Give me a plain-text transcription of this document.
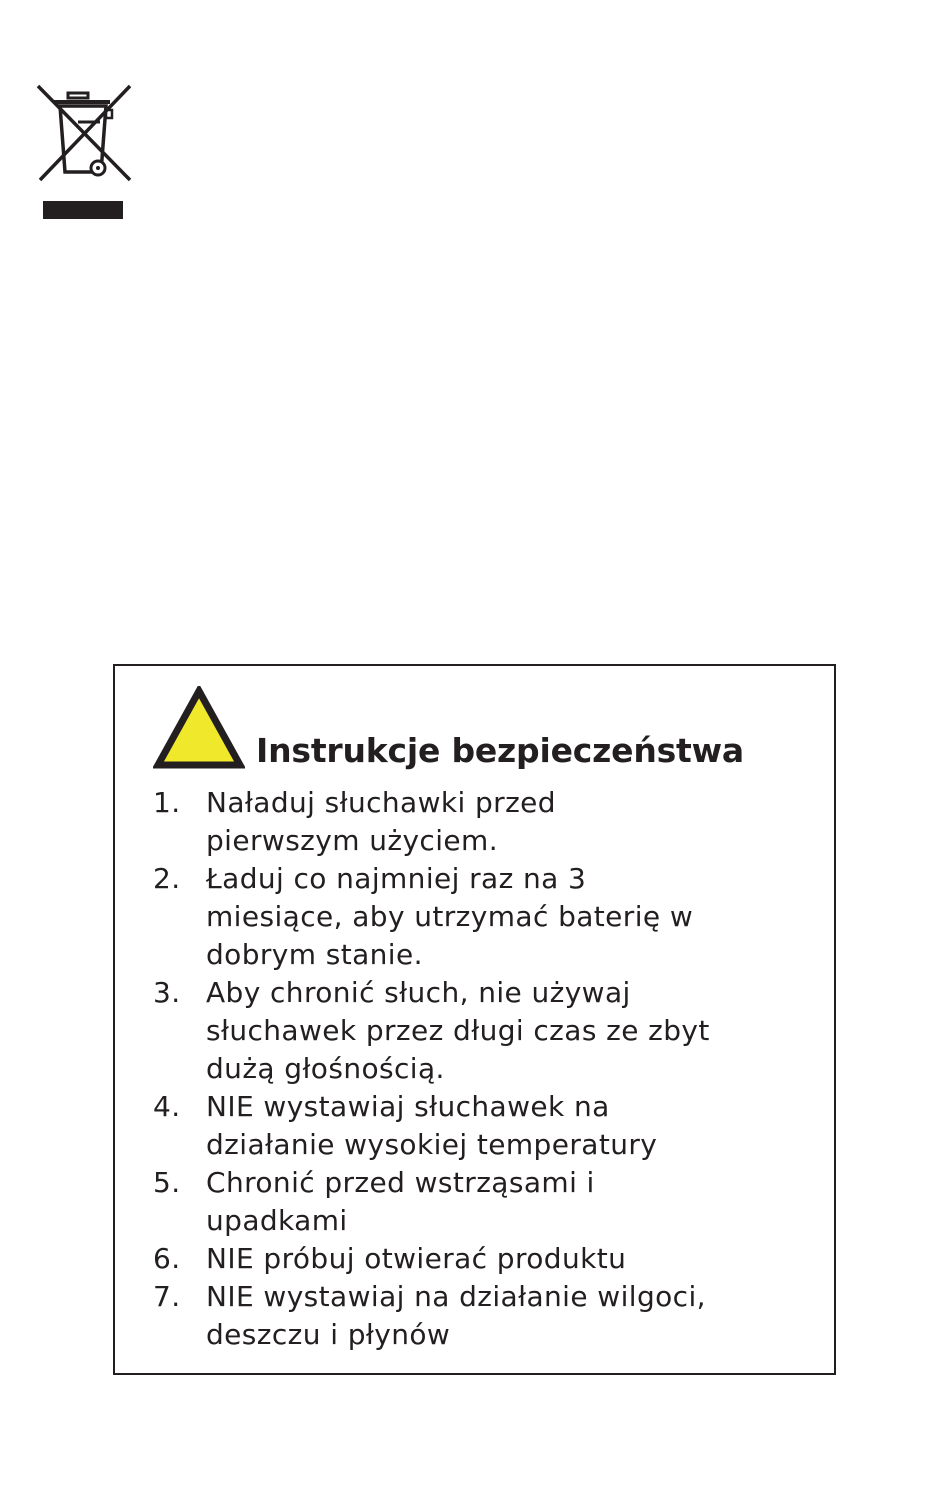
Instrukcje bezpieczeństwa
1. Naładuj słuchawki przed
pierwszym użyciem.
2. Ładuj co najmniej raz na 3
miesiące, aby utrzymać baterię w
dobrym stanie.
3. Aby chronić słuch, nie używaj
słuchawek przez długi czas ze zbyt
dużą głośnością.
4. NIE wystawiaj słuchawek na
działanie wysokiej temperatury
5. Chronić przed wstrząsami i
upadkami
6. NIE próbuj otwierać produktu
7. NIE wystawiaj na działanie wilgoci,
deszczu i płynów
